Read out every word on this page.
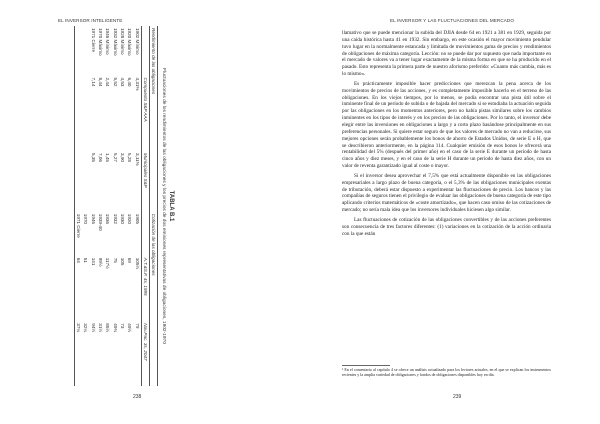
EL INVERSOR INTELIGENTE
TABLA B.1
Fluctuaciones de los rendimientos de las obligaciones y los precios de dos emisiones representativas de obligaciones, 1902-1970
Rendimiento de las obligaciones			Cotización de las obligaciones		
	Compuesto S&P AAA	Municipales S&P		A.T.&S.F. 4s, 1995	Nov.Pac. 3s, 2047
1902 Mínimo	4,31%	3,11%	1905	105½	79
1920 Máximo	6,40	5,28	1920	69	49½
1928 Mínimo	4,53	3,90	1930	105	73
1932 Máximo	5,52	5,27	1932	75	49¾
1946 Mínimo	2,44	1,45	1936	117½	85½
1970 Máximo	8,44	7,06	1939-40	99½	31½
1971 Cierre	7,14	5,35	1946	141	94½
			1970	51	32¼
			1971 Cierre	64	37¼

238
EL INVERSOR Y LAS FLUCTUACIONES DEL MERCADO

llamativo que se puede mencionar la subida del DJIA desde 64 en 1921 a 381 en 1929, seguida por una caída histórica hasta 41 en 1932. Sin embargo, en este ocasión el mayor movimiento pendular tuvo lugar en la normalmente estancada y limitada de movimientos gama de precios y rendimientos de obligaciones de máxima categoría. Lección: no se puede dar por supuesto que nada importante en el mercado de valores va a tener lugar exactamente de la misma forma en que se ha producido en el pasado. Esto representa la primera parte de nuestro aforismo preferido: «Cuanto más cambia, más es lo mismo».

Es prácticamente imposible hacer predicciones que merezcan la pena acerca de los movimientos de precios de las acciones, y es completamente imposible hacerlo en el terreno de las obligaciones. En los viejos tiempos, por lo menos, se podía encontrar una pista útil sobre el inminente final de un período de subida o de bajada del mercado si se estudiaba la actuación seguida por las obligaciones en los momentos anteriores, pero no había pistas similares sobre los cambios inminentes en los tipos de interés y en los precios de las obligaciones. Por lo tanto, el inversor debe elegir entre las inversiones en obligaciones a largo y a corto plazo basándose principalmente en sus preferencias personales. Si quiere estar seguro de que los valores de mercado no van a reducirse, sus mejores opciones serán probablemente los bonos de ahorro de Estados Unidos, de serie E o H, que se describieron anteriormente, en la página 114. Cualquier emisión de esos bonos le ofrecerá una rentabilidad del 5% (después del primer año) en el caso de la serie E durante un período de hasta cinco años y diez meses, y en el caso de la serie H durante un período de hasta diez años, con un valor de reventa garantizado igual al coste o mayor.

Si el inversor desea aprovechar el 7,5% que está actualmente disponible en las obligaciones empresariales a largo plazo de buena categoría, o el 5,3% de las obligaciones municipales exentas de tributación, deberá estar dispuesto a experimentar las fluctuaciones de precio. Los bancos y las compañías de seguros tienen el privilegio de evaluar las obligaciones de buena categoría de este tipo aplicando criterios matemáticos de «coste amortizado», que hacen caso omiso de las cotizaciones de mercado; no sería mala idea que los inversores individuales hiciesen algo similar.

Las fluctuaciones de cotización de las obligaciones convertibles y de las acciones preferentes son consecuencia de tres factores diferentes: (1) variaciones en la cotización de la acción ordinaria con la que están

¹ En el comentario al capítulo 4 se ofrece un análisis actualizado para los lectores actuales, en el que se explican los instrumentos recientes y la amplia variedad de obligaciones y fondos de obligaciones disponibles hoy en día.
239
